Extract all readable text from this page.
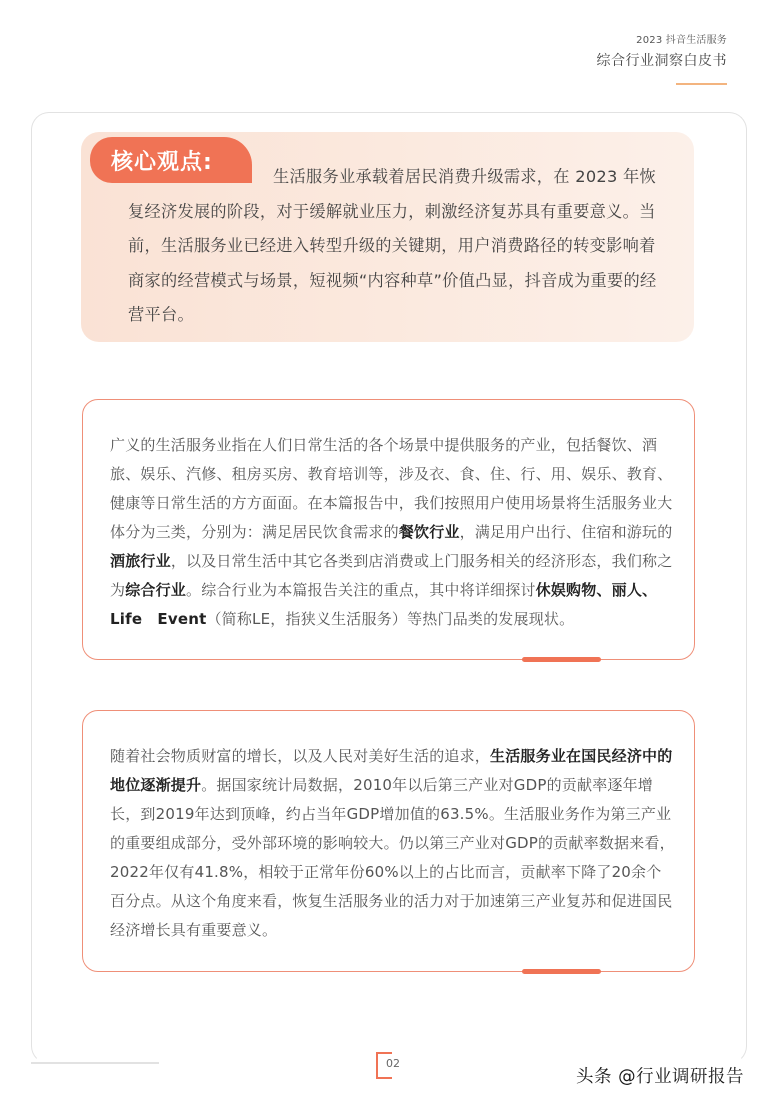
2023 抖音生活服务
综合行业洞察白皮书
核心观点:
生活服务业承载着居民消费升级需求，在 2023 年恢复经济发展的阶段，对于缓解就业压力，刺激经济复苏具有重要意义。当前，生活服务业已经进入转型升级的关键期，用户消费路径的转变影响着商家的经营模式与场景，短视频“内容种草”价值凸显，抖音成为重要的经营平台。
广义的生活服务业指在人们日常生活的各个场景中提供服务的产业，包括餐饮、酒旅、娱乐、汽修、租房买房、教育培训等，涉及衣、食、住、行、用、娱乐、教育、健康等日常生活的方方面面。在本篇报告中，我们按照用户使用场景将生活服务业大体分为三类，分别为：满足居民饮食需求的餐饮行业，满足用户出行、住宿和游玩的酒旅行业，以及日常生活中其它各类到店消费或上门服务相关的经济形态，我们称之为综合行业。综合行业为本篇报告关注的重点，其中将详细探讨休娱购物、丽人、Life　Event（简称LE，指狭义生活服务）等热门品类的发展现状。
随着社会物质财富的增长，以及人民对美好生活的追求，生活服务业在国民经济中的地位逐渐提升。据国家统计局数据，2010年以后第三产业对GDP的贡献率逐年增长，到2019年达到顶峰，约占当年GDP增加值的63.5%。生活服业务作为第三产业的重要组成部分，受外部环境的影响较大。仍以第三产业对GDP的贡献率数据来看，2022年仅有41.8%，相较于正常年份60%以上的占比而言，贡献率下降了20余个百分点。从这个角度来看，恢复生活服务业的活力对于加速第三产业复苏和促进国民经济增长具有重要意义。
02
头条 @行业调研报告
